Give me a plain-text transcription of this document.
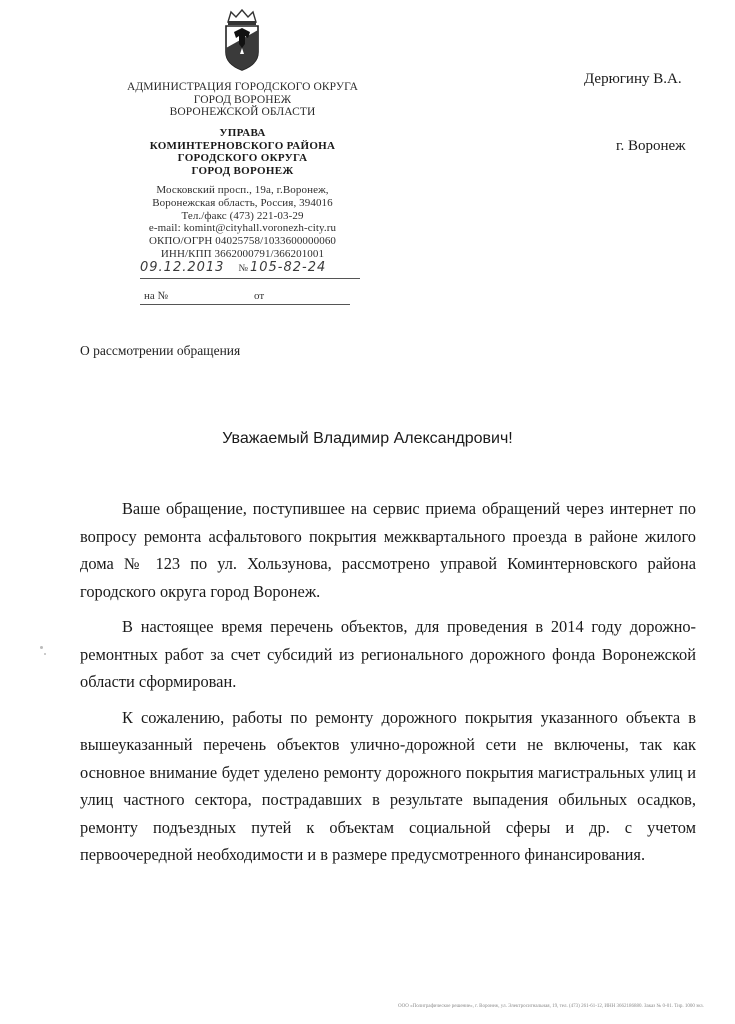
АДМИНИСТРАЦИЯ ГОРОДСКОГО ОКРУГА
ГОРОД ВОРОНЕЖ
ВОРОНЕЖСКОЙ ОБЛАСТИ
УПРАВА
КОМИНТЕРНОВСКОГО РАЙОНА
ГОРОДСКОГО ОКРУГА
ГОРОД ВОРОНЕЖ
Московский просп., 19а, г.Воронеж,
Воронежская область, Россия, 394016
Тел./факс (473) 221-03-29
e-mail: komint@cityhall.voronezh-city.ru
ОКПО/ОГРН 04025758/1033600000060
ИНН/КПП 3662000791/366201001
09.12.2013 № 105-82-24
на №	от
Дерюгину В.А.
г. Воронеж
О рассмотрении обращения
Уважаемый Владимир Александрович!

Ваше обращение, поступившее на сервис приема обращений через интернет по вопросу ремонта асфальтового покрытия межквартального проезда в районе жилого дома № 123 по ул. Хользунова, рассмотрено управой Коминтерновского района городского округа город Воронеж.

В настоящее время перечень объектов, для проведения в 2014 году дорожно-ремонтных работ за счет субсидий из регионального дорожного фонда Воронежской области сформирован.

К сожалению, работы по ремонту дорожного покрытия указанного объекта в вышеуказанный перечень объектов улично-дорожной сети не включены, так как основное внимание будет уделено ремонту дорожного покрытия магистральных улиц и улиц частного сектора, пострадавших в результате выпадения обильных осадков, ремонту подъездных путей к объектам социальной сферы и др. с учетом первоочередной необходимости и в размере предусмотренного финансирования.

ООО «Полиграфическое решение», г. Воронеж, ул. Электросигнальная, 19, тел. (473) 261-61-12, ИНН 3662186880. Заказ № 0-01. Тир. 1000 экз.
